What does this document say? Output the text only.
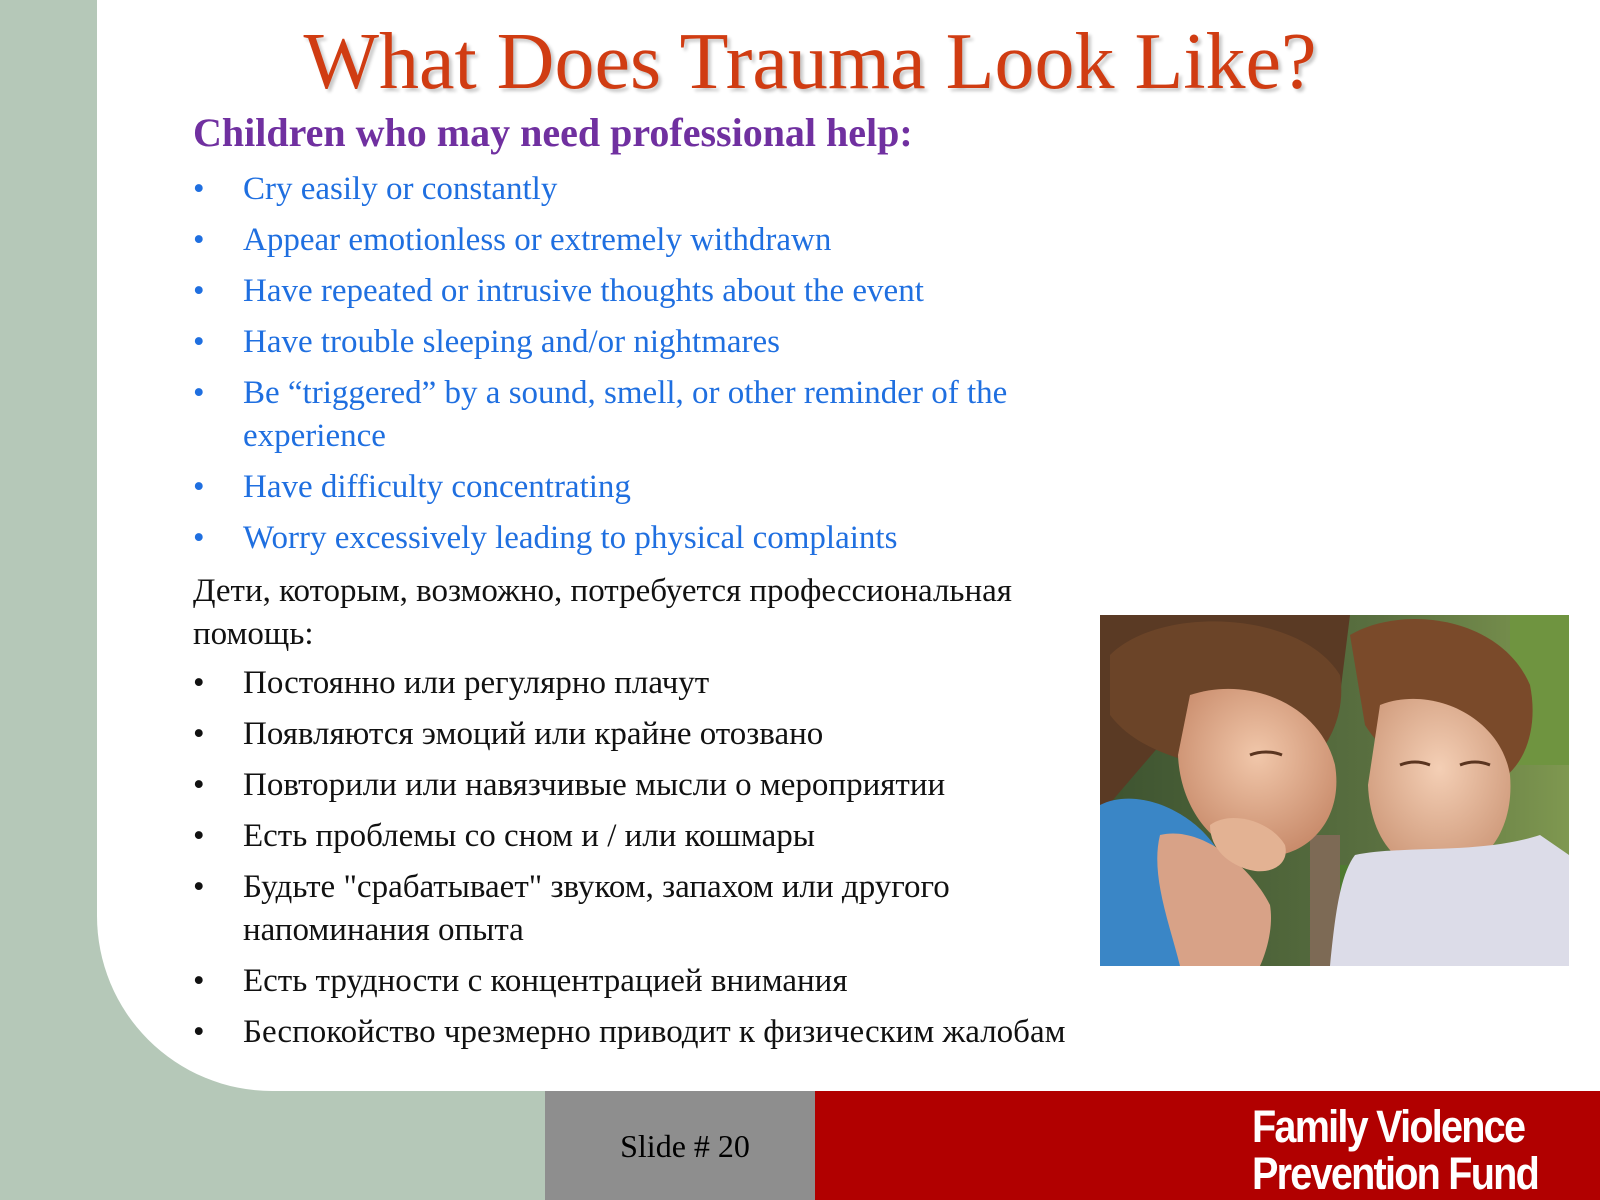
What Does Trauma Look Like?
Children who may need professional help:
• Cry easily or constantly
• Appear emotionless or extremely withdrawn
• Have repeated or intrusive thoughts about the event
• Have trouble sleeping and/or nightmares
• Be “triggered” by a sound, smell, or other reminder of the experience
• Have difficulty concentrating
• Worry excessively leading to physical complaints

Дети, которым, возможно, потребуется профессиональная помощь:

• Постоянно или регулярно плачут
• Появляются эмоций или крайне отозвано
• Повторили или навязчивые мысли о мероприятии
• Есть проблемы со сном и / или кошмары
• Будьте "срабатывает" звуком, запахом или другого напоминания опыта
• Есть трудности с концентрацией внимания
• Беспокойство чрезмерно приводит к физическим жалобам
Slide # 20	Family Violence
Prevention Fund
